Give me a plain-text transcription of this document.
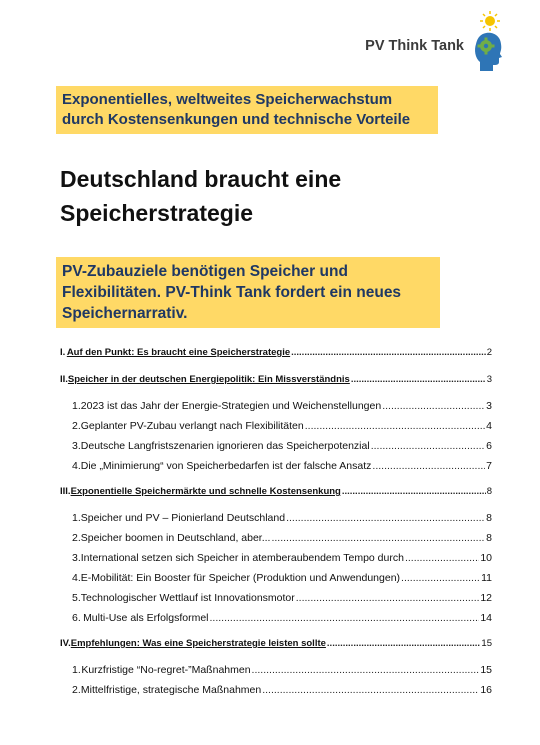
PV Think Tank
Exponentielles, weltweites Speicherwachstum durch Kostensenkungen und technische Vorteile
Deutschland braucht eine Speicherstrategie
PV-Zubauziele benötigen Speicher und Flexibilitäten. PV-Think Tank fordert ein neues Speichernarrativ.
I. Auf den Punkt: Es braucht eine Speicherstrategie .....	2
II. Speicher in der deutschen Energiepolitik: Ein Missverständnis .....	3
1. 2023 ist das Jahr der Energie-Strategien und Weichenstellungen .....	3
2. Geplanter PV-Zubau verlangt nach Flexibilitäten .....	4
3. Deutsche Langfristszenarien ignorieren das Speicherpotenzial .....	6
4. Die „Minimierung“ von Speicherbedarfen ist der falsche Ansatz .....	7
III. Exponentielle Speichermärkte und schnelle Kostensenkung .....	8
1. Speicher und PV – Pionierland Deutschland .....	8
2. Speicher boomen in Deutschland, aber... .....	8
3. International setzen sich Speicher in atemberaubendem Tempo durch .....	10
4. E-Mobilität: Ein Booster für Speicher (Produktion und Anwendungen) .....	11
5. Technologischer Wettlauf ist Innovationsmotor .....	12
6. Multi-Use als Erfolgsformel .....	14
IV. Empfehlungen: Was eine Speicherstrategie leisten sollte .....	15
1. Kurzfristige “No-regret-”Maßnahmen .....	15
2. Mittelfristige, strategische Maßnahmen .....	16
